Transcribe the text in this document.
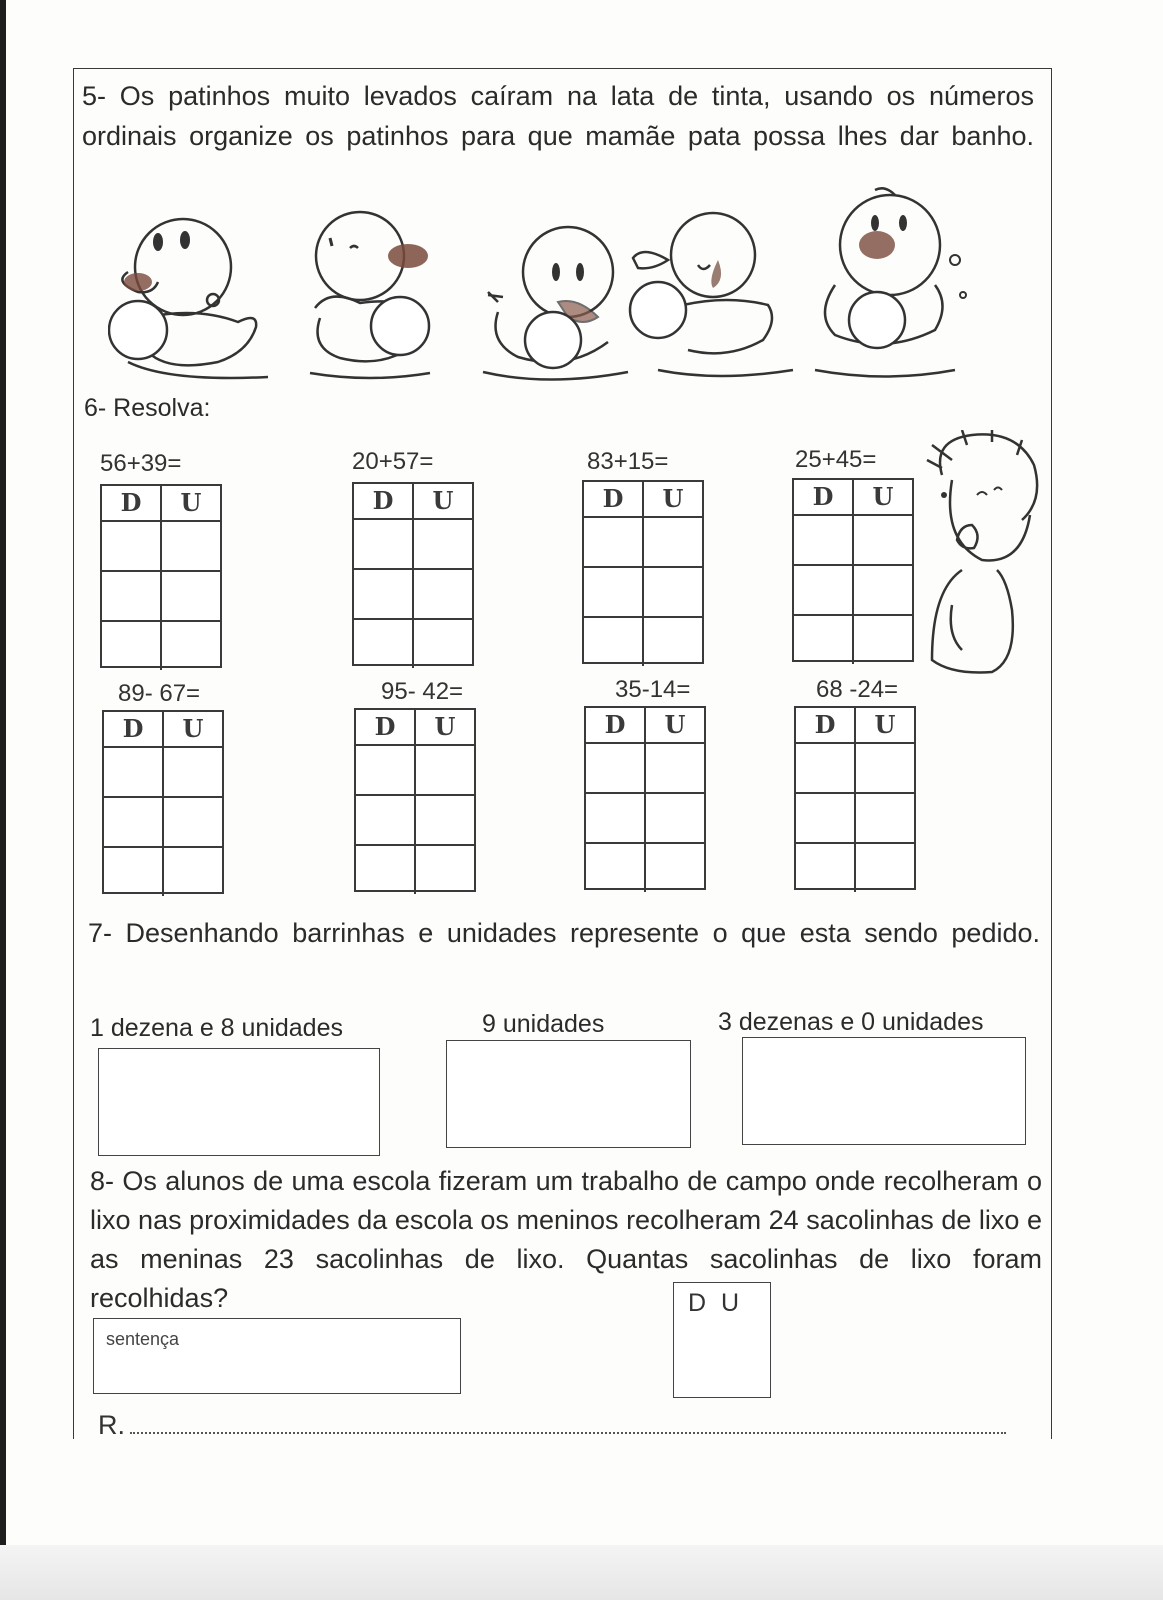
5- Os patinhos muito levados caíram na lata de tinta, usando os números ordinais organize os patinhos para que mamãe pata possa lhes dar banho.
6- Resolva:
56+39=	20+57=	83+15=	25+45=
D	U	D	U	D	U	D	U
89- 67=	95- 42=	35-14=	68 -24=
D	U	D	U	D	U	D	U
7- Desenhando barrinhas e unidades represente o que esta sendo pedido.
1 dezena e 8 unidades	9 unidades	3 dezenas e 0 unidades
8- Os alunos de uma escola fizeram um trabalho de campo onde recolheram o lixo nas proximidades da escola os meninos recolheram 24 sacolinhas de lixo e as meninas 23 sacolinhas de lixo. Quantas sacolinhas de lixo foram recolhidas?
sentença
D U
R.
